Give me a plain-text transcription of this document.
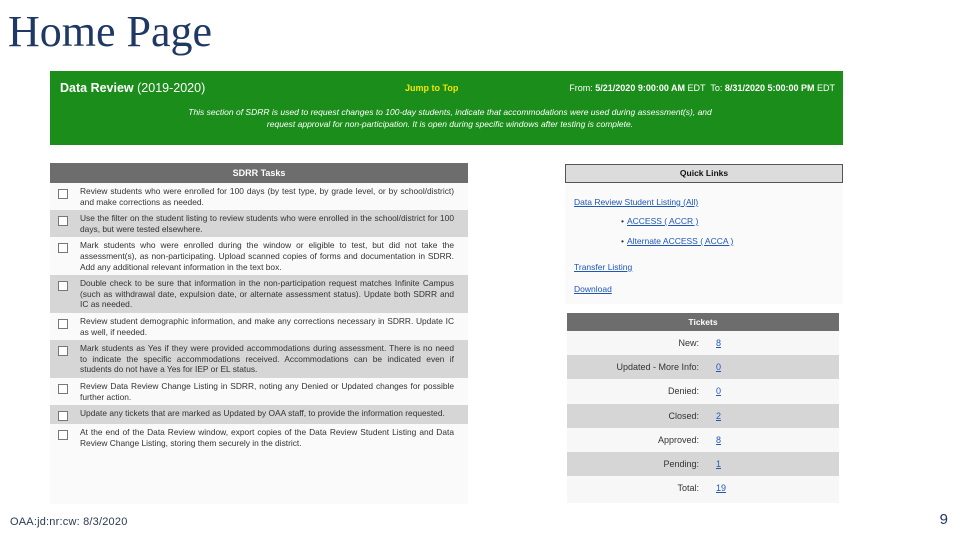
Home Page
Data Review (2019-2020)	Jump to Top	From: 5/21/2020 9:00:00 AM EDT To: 8/31/2020 5:00:00 PM EDT
This section of SDRR is used to request changes to 100-day students, indicate that accommodations were used during assessment(s), and request approval for non-participation. It is open during specific windows after testing is complete.
SDRR Tasks
Review students who were enrolled for 100 days (by test type, by grade level, or by school/district) and make corrections as needed.
Use the filter on the student listing to review students who were enrolled in the school/district for 100 days, but were tested elsewhere.
Mark students who were enrolled during the window or eligible to test, but did not take the assessment(s), as non-participating. Upload scanned copies of forms and documentation in SDRR. Add any additional relevant information in the text box.
Double check to be sure that information in the non-participation request matches Infinite Campus (such as withdrawal date, expulsion date, or alternate assessment status). Update both SDRR and IC as needed.
Review student demographic information, and make any corrections necessary in SDRR. Update IC as well, if needed.
Mark students as Yes if they were provided accommodations during assessment. There is no need to indicate the specific accommodations received. Accommodations can be indicated even if students do not have a Yes for IEP or EL status.
Review Data Review Change Listing in SDRR, noting any Denied or Updated changes for possible further action.
Update any tickets that are marked as Updated by OAA staff, to provide the information requested.
At the end of the Data Review window, export copies of the Data Review Student Listing and Data Review Change Listing, storing them securely in the district.
Quick Links
Data Review Student Listing (All)
• ACCESS ( ACCR )
• Alternate ACCESS ( ACCA )
Transfer Listing
Download
Tickets
New: 8
Updated - More Info: 0
Denied: 0
Closed: 2
Approved: 8
Pending: 1
Total: 19
OAA:jd:nr:cw: 8/3/2020	9
